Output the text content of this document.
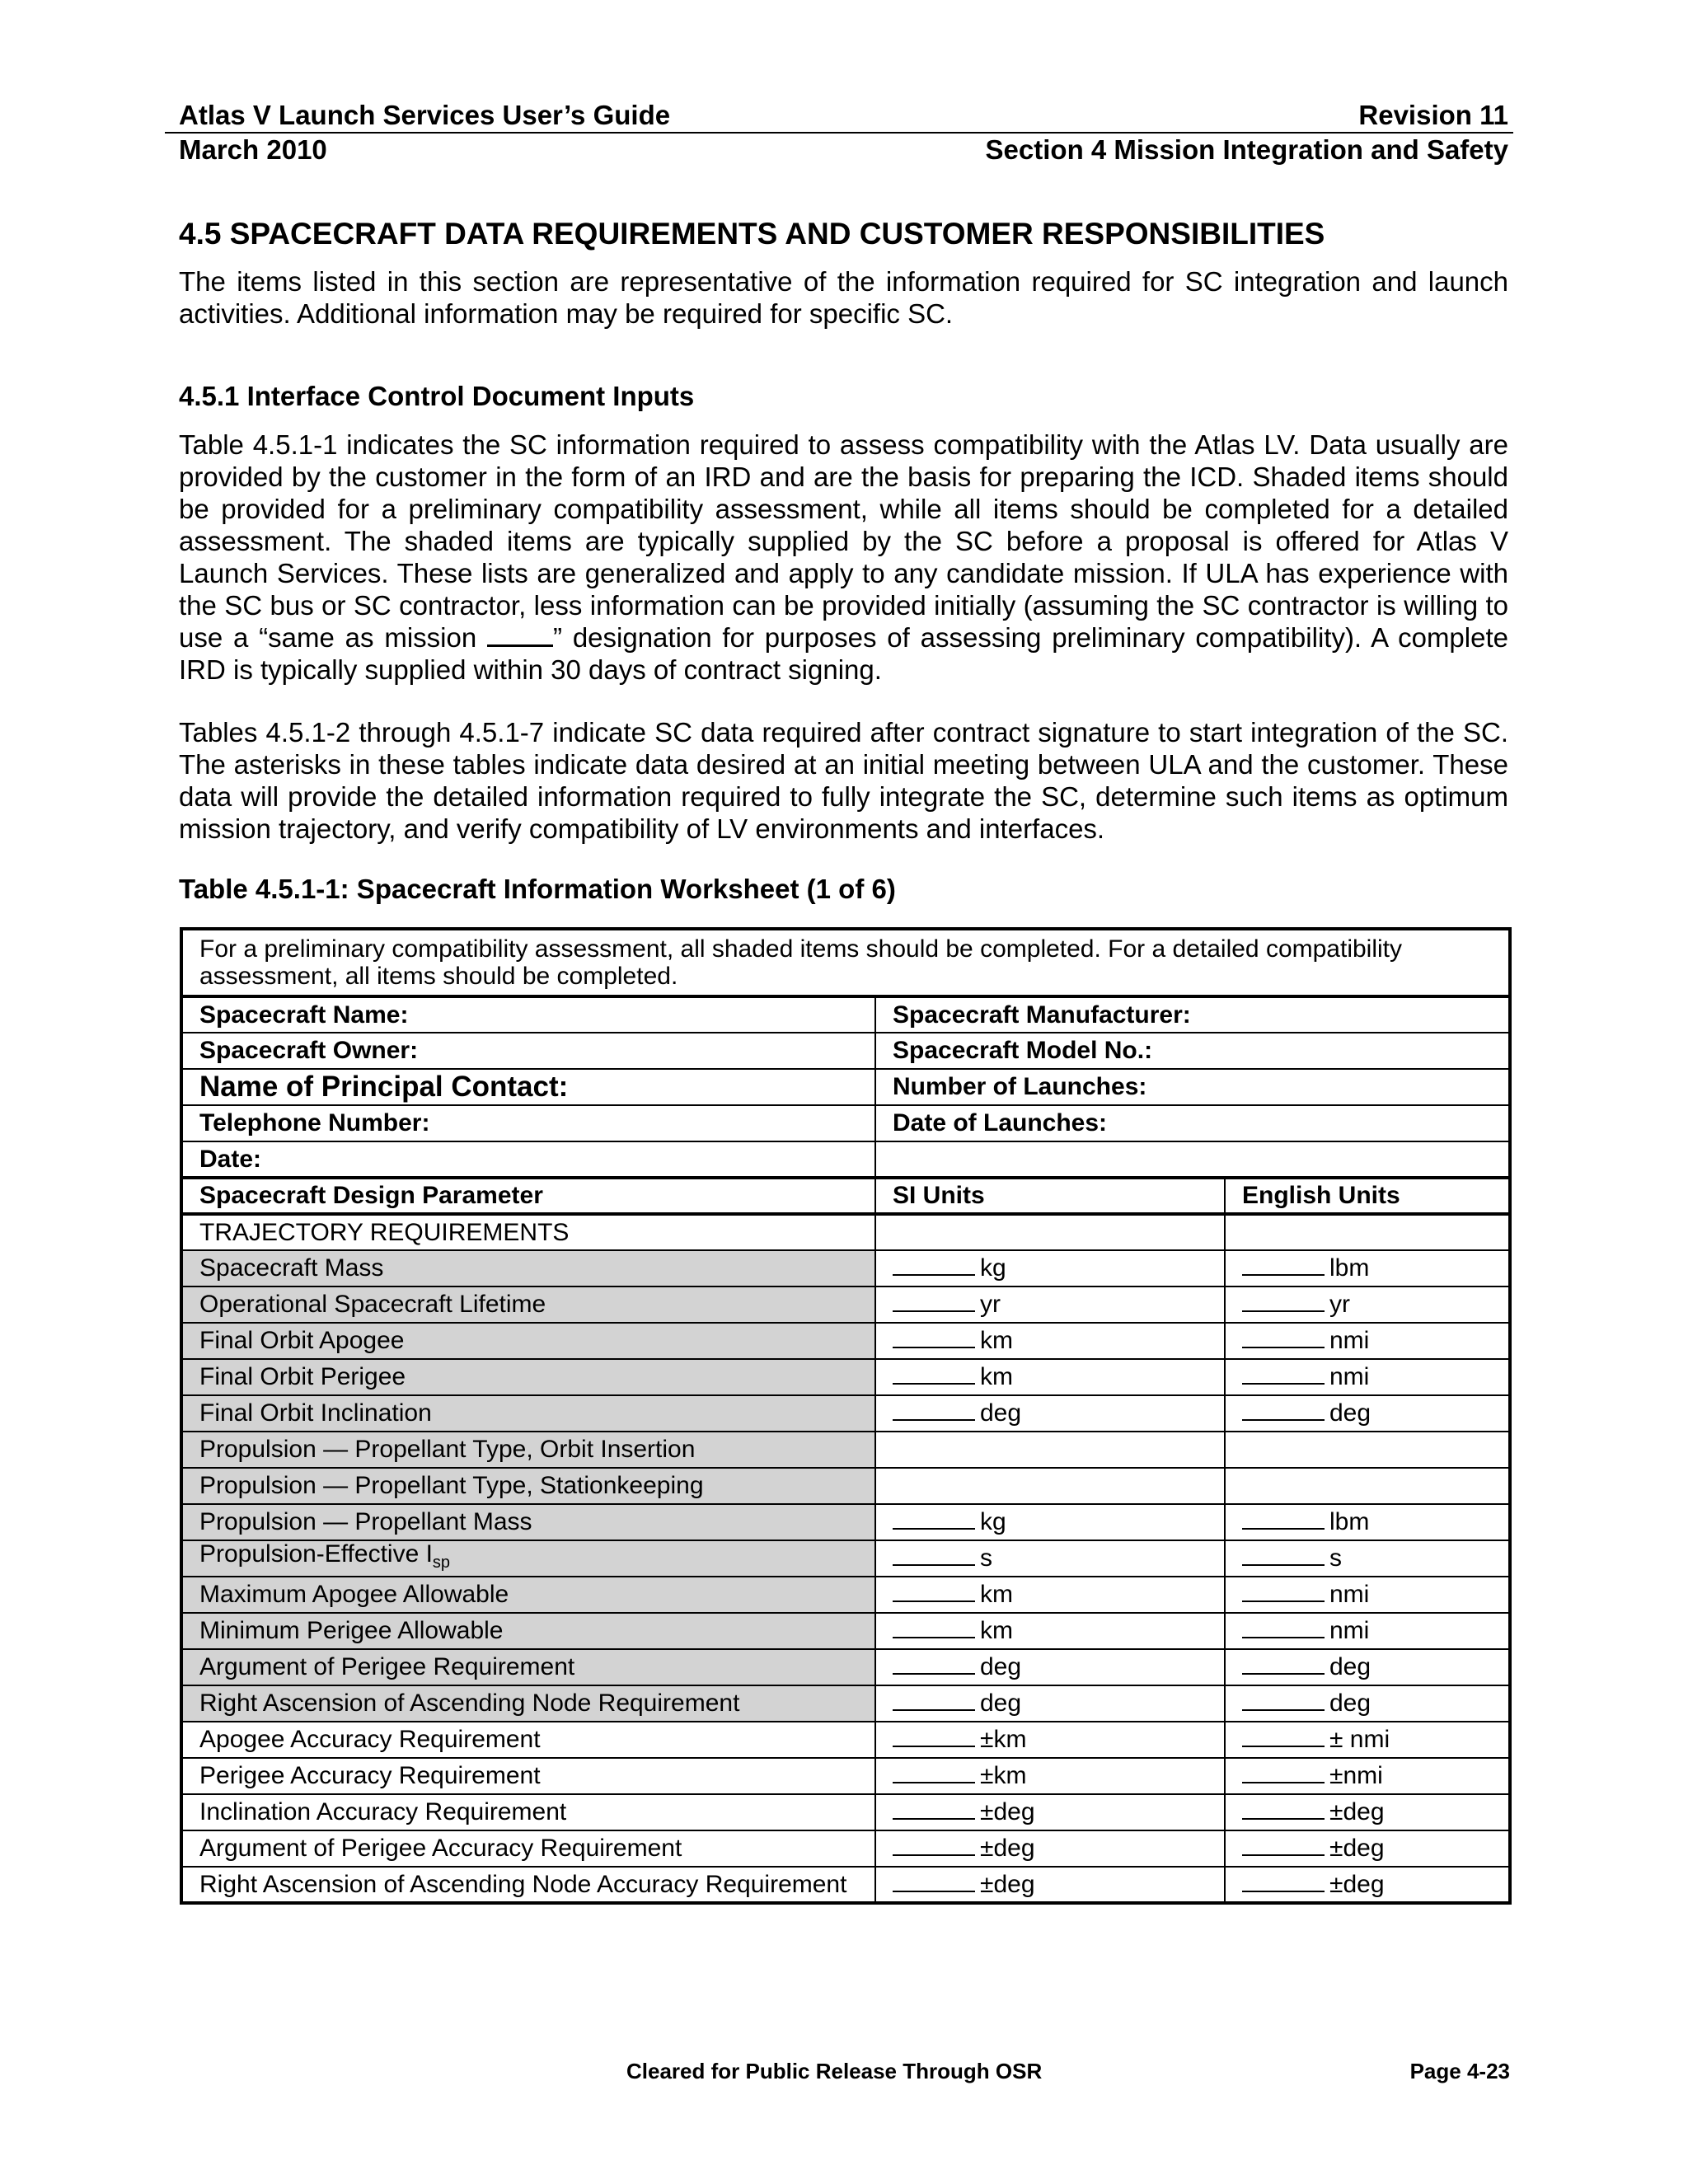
Atlas V Launch Services User’s Guide	Revision 11
March 2010	Section 4 Mission Integration and Safety
4.5 SPACECRAFT DATA REQUIREMENTS AND CUSTOMER RESPONSIBILITIES
The items listed in this section are representative of the information required for SC integration and launch activities. Additional information may be required for specific SC.
4.5.1 Interface Control Document Inputs
Table 4.5.1-1 indicates the SC information required to assess compatibility with the Atlas LV. Data usually are provided by the customer in the form of an IRD and are the basis for preparing the ICD. Shaded items should be provided for a preliminary compatibility assessment, while all items should be completed for a detailed assessment. The shaded items are typically supplied by the SC before a proposal is offered for Atlas V Launch Services. These lists are generalized and apply to any candidate mission. If ULA has experience with the SC bus or SC contractor, less information can be provided initially (assuming the SC contractor is willing to use a “same as mission ” designation for purposes of assessing preliminary compatibility). A complete IRD is typically supplied within 30 days of contract signing.
Tables 4.5.1-2 through 4.5.1-7 indicate SC data required after contract signature to start integration of the SC. The asterisks in these tables indicate data desired at an initial meeting between ULA and the customer. These data will provide the detailed information required to fully integrate the SC, determine such items as optimum mission trajectory, and verify compatibility of LV environments and interfaces.
Table 4.5.1-1: Spacecraft Information Worksheet (1 of 6)
For a preliminary compatibility assessment, all shaded items should be completed. For a detailed compatibility assessment, all items should be completed.		
Spacecraft Name:	Spacecraft Manufacturer:	
Spacecraft Owner:	Spacecraft Model No.:	
Name of Principal Contact:	Number of Launches:	
Telephone Number:	Date of Launches:	
Date:		
Spacecraft Design Parameter	SI Units	English Units
TRAJECTORY REQUIREMENTS		
Spacecraft Mass	kg	lbm
Operational Spacecraft Lifetime	yr	yr
Final Orbit Apogee	km	nmi
Final Orbit Perigee	km	nmi
Final Orbit Inclination	deg	deg
Propulsion — Propellant Type, Orbit Insertion		
Propulsion — Propellant Type, Stationkeeping		
Propulsion — Propellant Mass	kg	lbm
Propulsion-Effective $I_{sp}$	s	s
Maximum Apogee Allowable	km	nmi
Minimum Perigee Allowable	km	nmi
Argument of Perigee Requirement	deg	deg
Right Ascension of Ascending Node Requirement	deg	deg
Apogee Accuracy Requirement	±km	± nmi
Perigee Accuracy Requirement	±km	±nmi
Inclination Accuracy Requirement	±deg	±deg
Argument of Perigee Accuracy Requirement	±deg	±deg
Right Ascension of Ascending Node Accuracy Requirement	±deg	±deg
Cleared for Public Release Through OSR	Page 4-23
